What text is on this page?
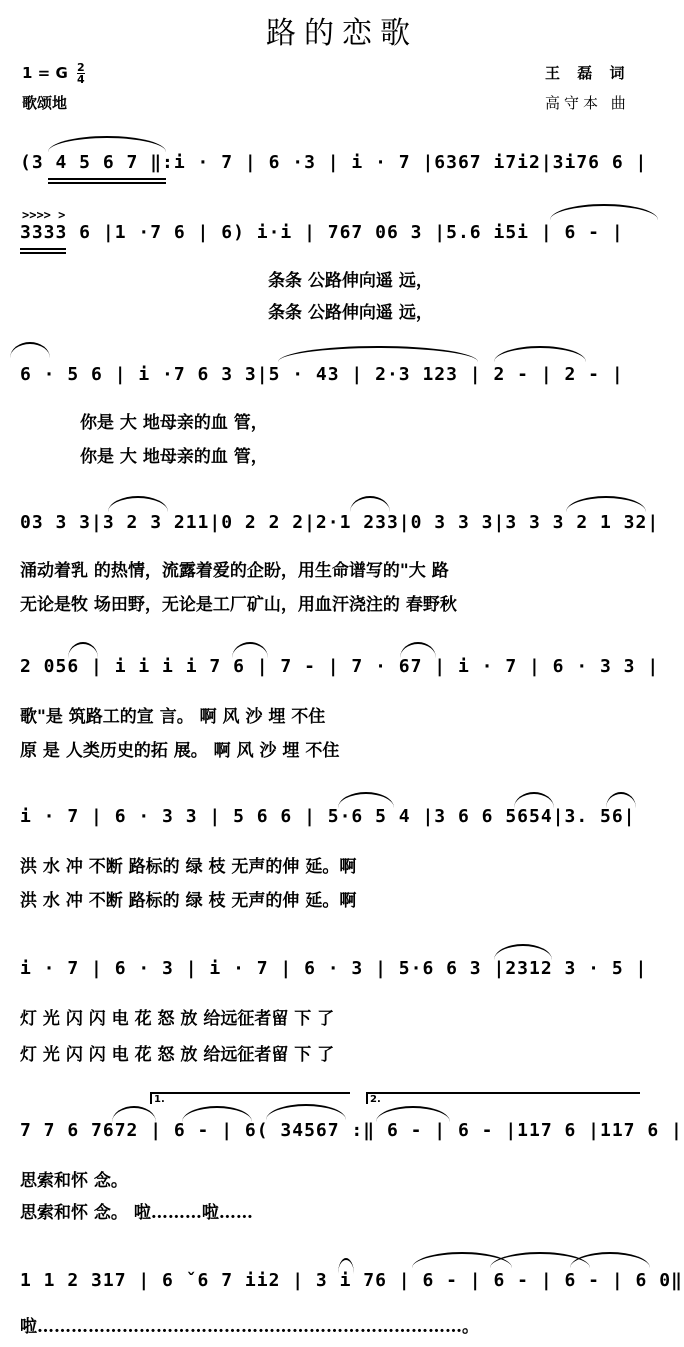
路的恋歌
1 = G $\frac{2}{4}$
歌颂地
王 磊 词
高守本 曲
(3 4 5 6 7 ‖:i · 7 | 6 ·3 | i · 7 |6367 i7i2|3i76 6 |
>>>> >
3333 6 |1 ·7 6 | 6) i·i | 767 06 3 |5.6 i5i | 6 - |
条条 公路伸向遥 远，
条条 公路伸向遥 远，
6 · 5 6 | i ·7 6 3 3|5 · 43 | 2·3 123 | 2 - | 2 - |
你是 大 地母亲的血 管，
你是 大 地母亲的血 管，
03 3 3|3 2 3 211|0 2 2 2|2·1 233|0 3 3 3|3 3 3 2 1 32|
涌动着乳 的热情，流露着爱的企盼，用生命谱写的"大 路
无论是牧 场田野，无论是工厂矿山，用血汗浇注的 春野秋
2 056 | i i i i 7 6 | 7 - | 7 · 67 | i · 7 | 6 · 3 3 |
歌"是 筑路工的宣 言。 啊 风 沙 埋 不住
原 是 人类历史的拓 展。 啊 风 沙 埋 不住
i · 7 | 6 · 3 3 | 5 6 6 | 5·6 5 4 |3 6 6 5654|3. 56|
洪 水 冲 不断 路标的 绿 枝 无声的伸 延。啊
洪 水 冲 不断 路标的 绿 枝 无声的伸 延。啊
i · 7 | 6 · 3 | i · 7 | 6 · 3 | 5·6 6 3 |2312 3 · 5 |
灯 光 闪 闪 电 花 怒 放 给远征者留 下 了
灯 光 闪 闪 电 花 怒 放 给远征者留 下 了
1.	2.
7 7 6 7672 | 6 - | 6( 34567 :‖ 6 - | 6 - |117 6 |117 6 |
思索和怀 念。
思索和怀 念。 啦………啦……
1 1 2 317 | 6 ˇ6 7 ii2 | 3 i 76 | 6 - | 6 - | 6 - | 6 0‖
啦…………………………………………………………………。
